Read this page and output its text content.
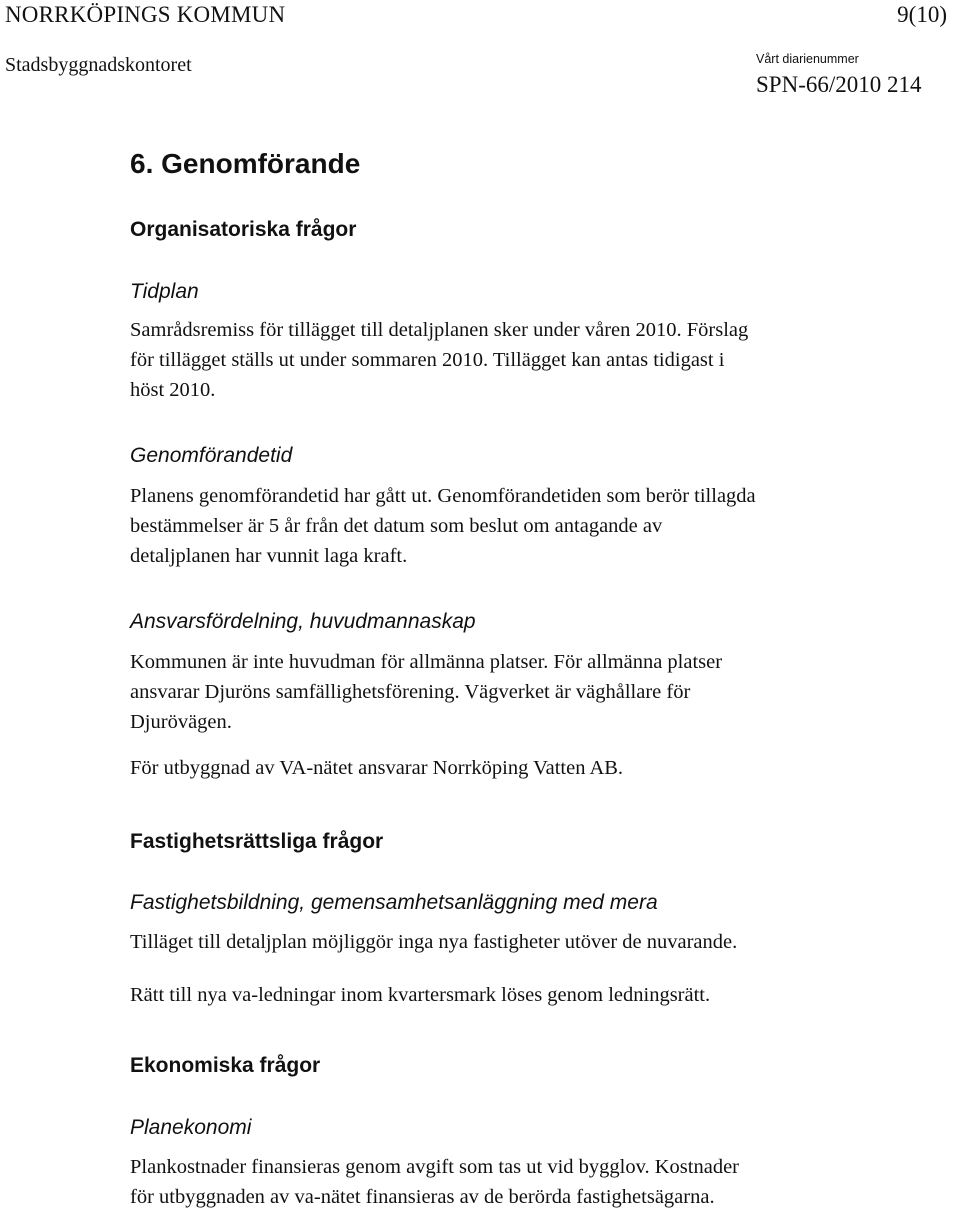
NORRKÖPINGS KOMMUN	9(10)
Stadsbyggnadskontoret	Vårt diarienummer
SPN-66/2010 214
6. Genomförande
Organisatoriska frågor
Tidplan
Samrådsremiss för tillägget till detaljplanen sker under våren 2010. Förslag
för tillägget ställs ut under sommaren 2010. Tillägget kan antas tidigast i
höst 2010.
Genomförandetid
Planens genomförandetid har gått ut. Genomförandetiden som berör tillagda
bestämmelser är 5 år från det datum som beslut om antagande av
detaljplanen har vunnit laga kraft.
Ansvarsfördelning, huvudmannaskap
Kommunen är inte huvudman för allmänna platser. För allmänna platser
ansvarar Djuröns samfällighetsförening. Vägverket är väghållare för
Djurövägen.
För utbyggnad av VA-nätet ansvarar Norrköping Vatten AB.
Fastighetsrättsliga frågor
Fastighetsbildning, gemensamhetsanläggning med mera
Tilläget till detaljplan möjliggör inga nya fastigheter utöver de nuvarande.
Rätt till nya va-ledningar inom kvartersmark löses genom ledningsrätt.
Ekonomiska frågor
Planekonomi
Plankostnader finansieras genom avgift som tas ut vid bygglov. Kostnader
för utbyggnaden av va-nätet finansieras av de berörda fastighetsägarna.
